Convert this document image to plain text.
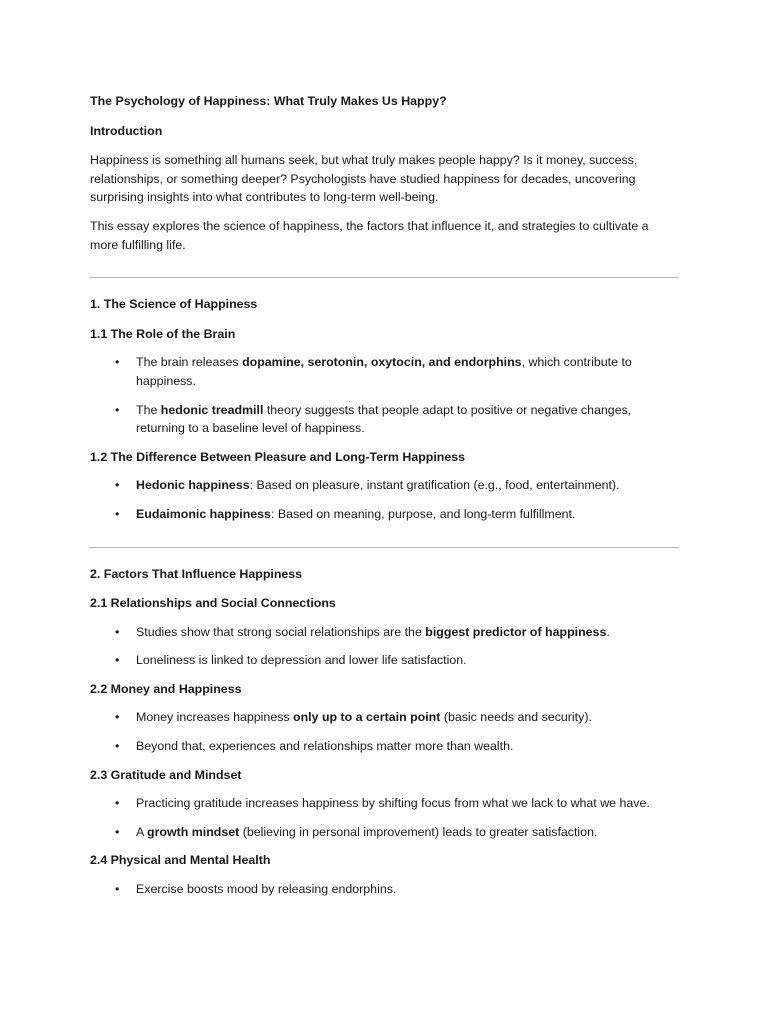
The Psychology of Happiness: What Truly Makes Us Happy?

Introduction

Happiness is something all humans seek, but what truly makes people happy? Is it money, success, relationships, or something deeper? Psychologists have studied happiness for decades, uncovering surprising insights into what contributes to long-term well-being.

This essay explores the science of happiness, the factors that influence it, and strategies to cultivate a more fulfilling life.

1. The Science of Happiness

1.1 The Role of the Brain

• The brain releases dopamine, serotonin, oxytocin, and endorphins, which contribute to happiness.
• The hedonic treadmill theory suggests that people adapt to positive or negative changes, returning to a baseline level of happiness.

1.2 The Difference Between Pleasure and Long-Term Happiness

• Hedonic happiness: Based on pleasure, instant gratification (e.g., food, entertainment).
• Eudaimonic happiness: Based on meaning, purpose, and long-term fulfillment.

2. Factors That Influence Happiness

2.1 Relationships and Social Connections

• Studies show that strong social relationships are the biggest predictor of happiness.
• Loneliness is linked to depression and lower life satisfaction.

2.2 Money and Happiness

• Money increases happiness only up to a certain point (basic needs and security).
• Beyond that, experiences and relationships matter more than wealth.

2.3 Gratitude and Mindset

• Practicing gratitude increases happiness by shifting focus from what we lack to what we have.
• A growth mindset (believing in personal improvement) leads to greater satisfaction.

2.4 Physical and Mental Health

• Exercise boosts mood by releasing endorphins.
